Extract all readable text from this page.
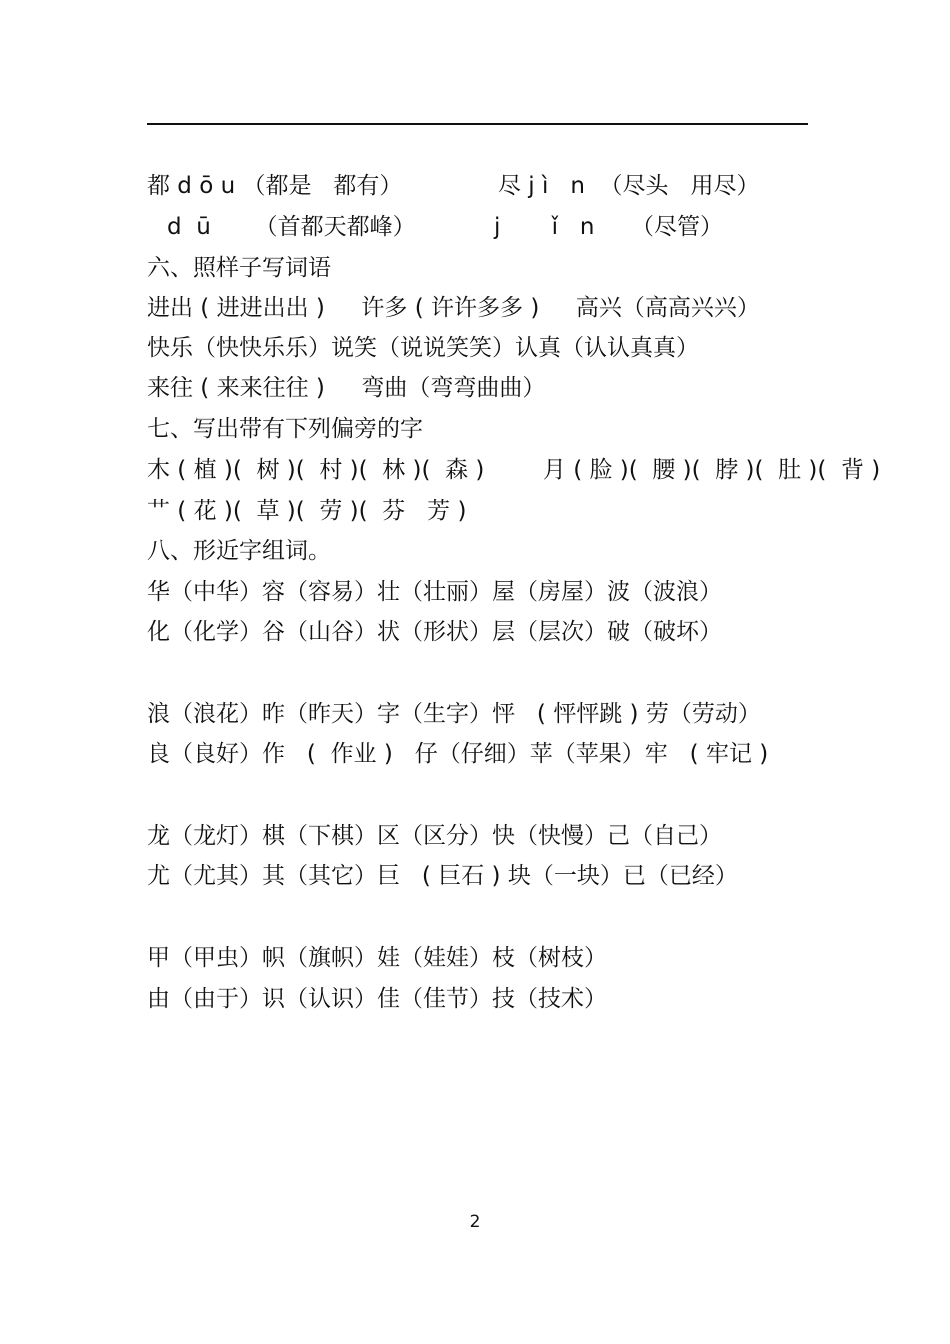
都 d ō u （都是   都有）	尽 j ì   n  （尽头   用尽）
d  ū      （首都天都峰）	j       ǐ   n     （尽管）
六、照样子写词语
进出 ( 进进出出 )     许多 ( 许许多多 )     高兴（高高兴兴）
快乐（快快乐乐）说笑（说说笑笑）认真（认认真真）
来往 ( 来来往往 )     弯曲（弯弯曲曲）
七、写出带有下列偏旁的字
木 ( 植 )(  树 )(  村 )(  林 )(  森 )        月 ( 脸 )(  腰 )(  脖 )(  肚 )(  背 )
艹 ( 花 )(  草 )(  劳 )(  芬   芳 )
八、形近字组词。
华（中华）容（容易）壮（壮丽）屋（房屋）波（波浪）
化（化学）谷（山谷）状（形状）层（层次）破（破坏）
浪（浪花）昨（昨天）字（生字）怦   ( 怦怦跳 ) 劳（劳动）
良（良好）作   (  作业 )   仔（仔细）苹（苹果）牢   ( 牢记 )
龙（龙灯）棋（下棋）区（区分）快（快慢）己（自己）
尤（尤其）其（其它）巨   ( 巨石 ) 块（一块）已（已经）
甲（甲虫）帜（旗帜）娃（娃娃）枝（树枝）
由（由于）识（认识）佳（佳节）技（技术）
2
